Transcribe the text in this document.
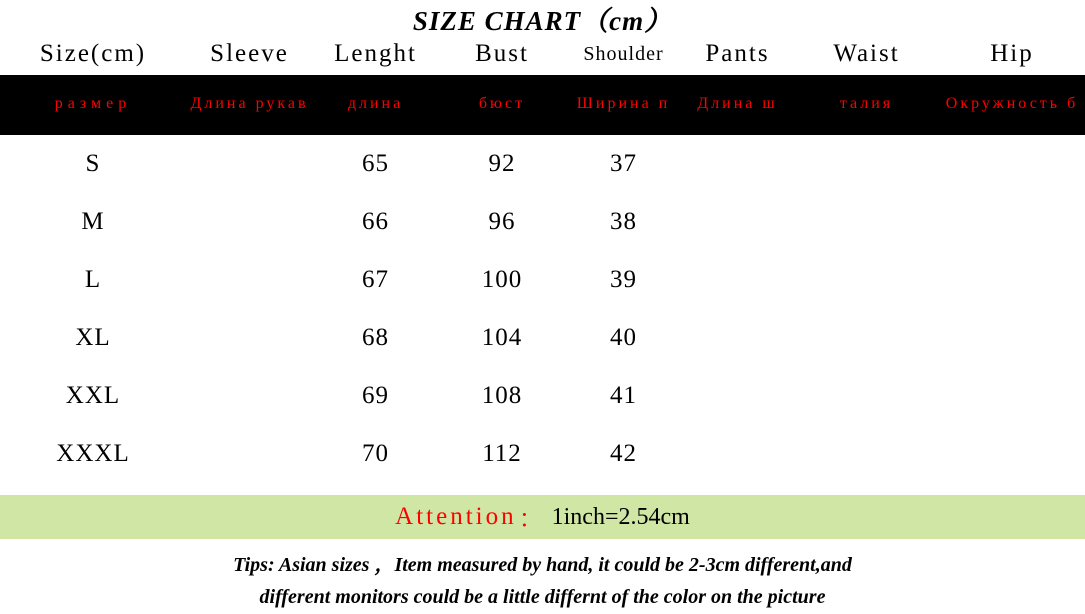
SIZE CHART（cm）
Size(cm)	Sleeve	Lenght	Bust	Shoulder	Pants	Waist	Hip
размер	Длина рукав	длина	бюст	Ширина п	Длина ш	талия	Окружность б
S		65	92	37			
M		66	96	38			
L		67	100	39			
XL		68	104	40			
XXL		69	108	41			
XXXL		70	112	42			
Attention ： 1inch=2.54cm
Tips: Asian sizes ，Item measured by hand, it could be 2-3cm different,and
different monitors could be a little differnt of the color on the picture
